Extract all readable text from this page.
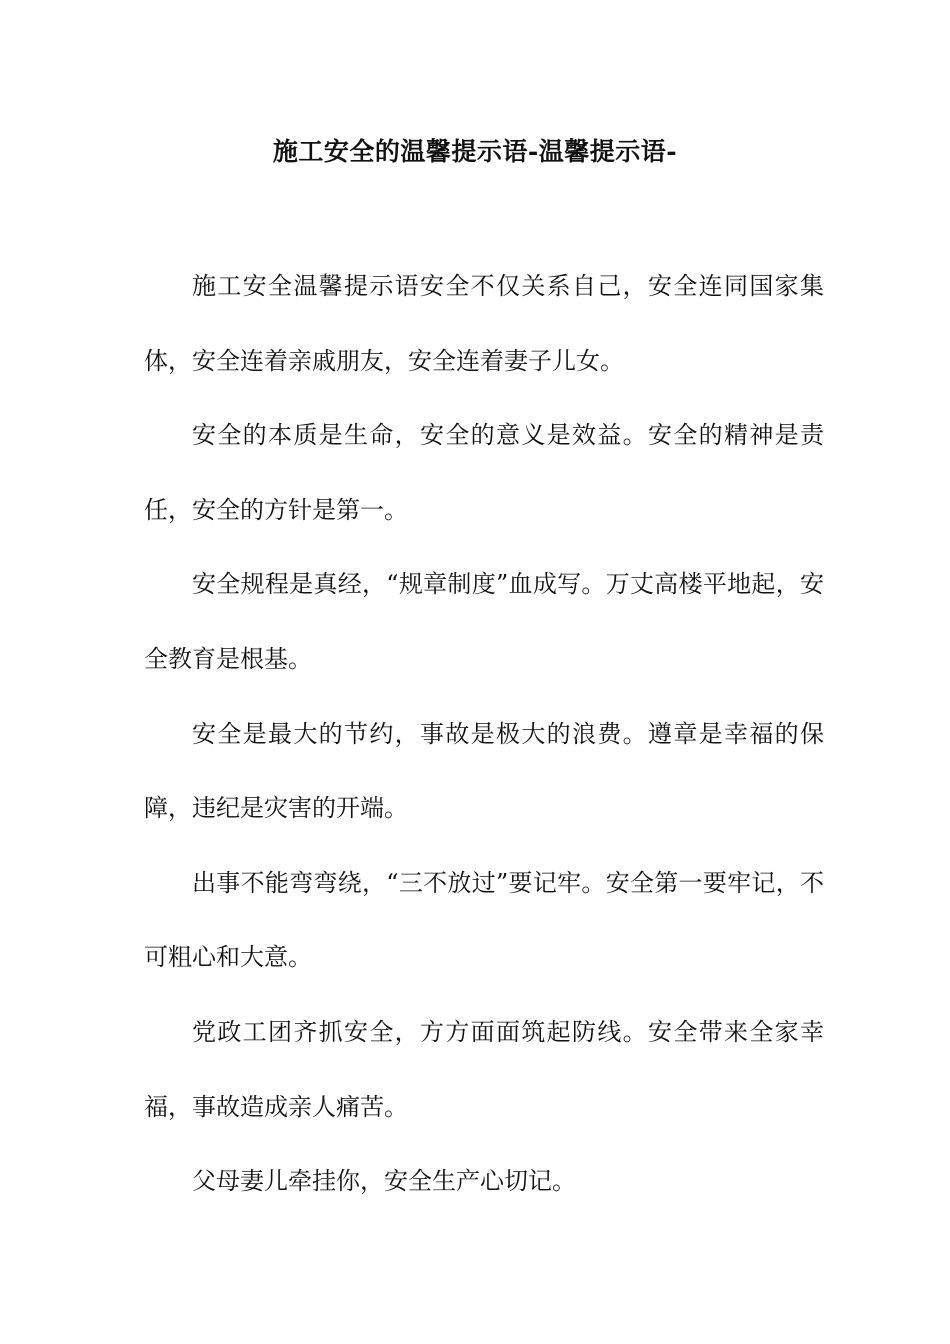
施工安全的温馨提示语-温馨提示语-

施工安全温馨提示语安全不仅关系自己，安全连同国家集体，安全连着亲戚朋友，安全连着妻子儿女。

安全的本质是生命，安全的意义是效益。安全的精神是责任，安全的方针是第一。

安全规程是真经，“规章制度”血成写。万丈高楼平地起，安全教育是根基。

安全是最大的节约，事故是极大的浪费。遵章是幸福的保障，违纪是灾害的开端。

出事不能弯弯绕，“三不放过”要记牢。安全第一要牢记，不可粗心和大意。

党政工团齐抓安全，方方面面筑起防线。安全带来全家幸福，事故造成亲人痛苦。

父母妻儿牵挂你，安全生产心切记。
